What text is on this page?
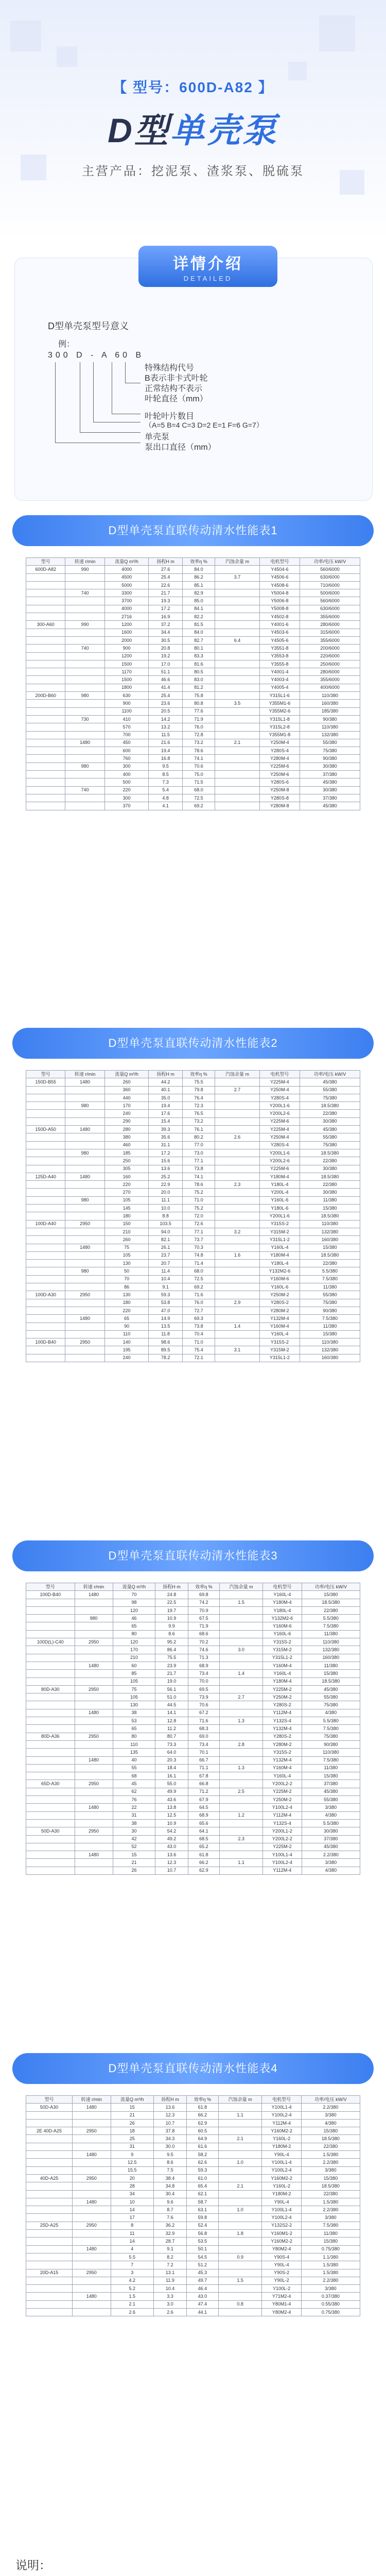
【 型号：600D-A82 】
D型单壳泵
主营产品：挖泥泵、渣浆泵、脱硫泵
详情介绍
DETAILED
D型单壳泵型号意义
例：
300 D - A 60 B
特殊结构代号
B表示非卡式叶轮
正常结构不表示
叶轮直径（mm）
叶轮叶片数目
（A=5 B=4 C=3 D=2 E=1 F=6 G=7）
单壳泵
泵出口直径（mm）
D型单壳泵直联传动清水性能表1
型号	转速 r/min	流量Q m³/h	扬程H m	效率η %	汽蚀余量 m	电机型号	功率/电压 kW/V
600D-A82	990	4000	27.6	84.0		Y4504-6	560/6000
		4500	25.4	86.2	3.7	Y4506-6	630/6000
		5000	22.6	85.1		Y4508-6	710/6000
	740	3300	21.7	82.9		Y5004-8	500/6000
		3700	19.3	85.0		Y5006-8	560/6000
		4000	17.2	84.1		Y5008-8	630/6000
		2716	16.9	82.2		Y4502-8	355/6000
300-A60	990	1200	37.2	81.5		Y4001-6	280/6000
		1600	34.4	84.0		Y4503-6	315/6000
		2000	30.5	82.7	6.4	Y4505-6	355/6000
	740	900	20.8	80.1		Y3551-8	200/6000
		1200	19.2	83.3		Y3553-8	220/6000
		1500	17.0	81.6		Y3555-8	250/6000
		1170	51.1	80.5		Y4001-4	280/6000
		1500	46.6	83.0		Y4003-4	355/6000
		1800	41.4	81.2		Y4005-4	400/6000
200D-B60	980	630	25.4	75.8		Y315L1-6	110/380
		900	23.6	80.8	3.5	Y355M1-6	160/380
		1100	20.5	77.6		Y355M2-6	185/380
	730	410	14.2	71.9		Y315L1-8	90/380
		570	13.2	76.0		Y315L2-8	110/380
		700	11.5	72.8		Y355M1-8	132/380
	1480	450	21.6	73.2	2.1	Y250M-4	55/380
		600	19.4	78.6		Y280S-4	75/380
		760	16.8	74.1		Y280M-4	90/380
	980	300	9.5	70.6		Y225M-6	30/380
		400	8.5	75.0		Y250M-6	37/380
		500	7.3	71.5		Y280S-6	45/380
	740	220	5.4	68.0		Y250M-8	30/380
		300	4.8	72.5		Y280S-8	37/380
		370	4.1	69.2		Y280M-8	45/380
D型单壳泵直联传动清水性能表2
型号	转速 r/min	流量Q m³/h	扬程H m	效率η %	汽蚀余量 m	电机型号	功率/电压 kW/V
150D-B55	1480	260	44.2	75.5		Y225M-4	45/380
		360	40.1	79.8	2.7	Y250M-4	55/380
		440	35.0	76.4		Y280S-4	75/380
	980	170	19.4	72.3		Y200L1-6	18.5/380
		240	17.6	76.5		Y200L2-6	22/380
		290	15.4	73.2		Y225M-6	30/380
150D-A50	1480	280	39.3	76.1		Y225M-4	45/380
		380	35.6	80.2	2.6	Y250M-4	55/380
		460	31.1	77.0		Y280S-4	75/380
	980	185	17.2	73.0		Y200L1-6	18.5/380
		250	15.6	77.1		Y200L2-6	22/380
		305	13.6	73.8		Y225M-6	30/380
125D-A40	1480	160	25.2	74.1		Y180M-4	18.5/380
		220	22.9	78.6	2.3	Y180L-4	22/380
		270	20.0	75.2		Y200L-4	30/380
	980	105	11.1	71.0		Y160L-6	11/380
		145	10.0	75.2		Y180L-6	15/380
		180	8.8	72.0		Y200L1-6	18.5/380
100D-A40	2950	150	103.5	72.6		Y315S-2	110/380
		210	94.0	77.1	3.2	Y315M-2	132/380
		260	82.1	73.7		Y315L1-2	160/380
	1480	75	26.1	70.3		Y160L-4	15/380
		105	23.7	74.8	1.6	Y180M-4	18.5/380
		130	20.7	71.4		Y180L-4	22/380
	980	50	11.4	68.0		Y132M2-6	5.5/380
		70	10.4	72.5		Y160M-6	7.5/380
		86	9.1	69.2		Y160L-6	11/380
100D-A30	2950	130	59.3	71.6		Y250M-2	55/380
		180	53.8	76.0	2.9	Y280S-2	75/380
		220	47.0	72.7		Y280M-2	90/380
	1480	65	14.9	69.3		Y132M-4	7.5/380
		90	13.5	73.8	1.4	Y160M-4	11/380
		110	11.8	70.4		Y160L-4	15/380
100D-B40	2950	140	98.6	71.0		Y315S-2	110/380
		195	89.5	75.4	3.1	Y315M-2	132/380
		240	78.2	72.1		Y315L1-2	160/380
D型单壳泵直联传动清水性能表3
型号	转速 r/min	流量Q m³/h	扬程H m	效率η %	汽蚀余量 m	电机型号	功率/电压 kW/V
100D-B40	1480	70	24.8	69.8		Y160L-4	15/380
		98	22.5	74.2	1.5	Y180M-4	18.5/380
		120	19.7	70.9		Y180L-4	22/380
	980	46	10.9	67.5		Y132M2-6	5.5/380
		65	9.9	71.9		Y160M-6	7.5/380
		80	8.6	68.6		Y160L-6	11/380
100D(L)-C40	2950	120	95.2	70.2		Y315S-2	110/380
		170	86.4	74.6	3.0	Y315M-2	132/380
		210	75.5	71.3		Y315L1-2	160/380
	1480	60	23.9	68.9		Y160M-4	11/380
		85	21.7	73.4	1.4	Y160L-4	15/380
		105	19.0	70.0		Y180M-4	18.5/380
80D-A30	2950	75	56.1	69.5		Y225M-2	45/380
		105	51.0	73.9	2.7	Y250M-2	55/380
		130	44.5	70.6		Y280S-2	75/380
	1480	38	14.1	67.2		Y112M-4	4/380
		53	12.8	71.6	1.3	Y132S-4	5.5/380
		65	11.2	68.3		Y132M-4	7.5/380
80D-A36	2950	80	80.7	69.0		Y280S-2	75/380
		110	73.3	73.4	2.8	Y280M-2	90/380
		135	64.0	70.1		Y315S-2	110/380
	1480	40	20.3	66.7		Y132M-4	7.5/380
		55	18.4	71.1	1.3	Y160M-4	11/380
		68	16.1	67.8		Y160L-4	15/380
65D-A30	2950	45	55.0	66.8		Y200L2-2	37/380
		62	49.9	71.2	2.5	Y225M-2	45/380
		76	43.6	67.9		Y250M-2	55/380
	1480	22	13.8	64.5		Y100L2-4	3/380
		31	12.5	68.9	1.2	Y112M-4	4/380
		38	10.9	65.6		Y132S-4	5.5/380
50D-A30	2950	30	54.2	64.1		Y200L1-2	30/380
		42	49.2	68.5	2.3	Y200L2-2	37/380
		52	43.0	65.2		Y225M-2	45/380
	1480	15	13.6	61.8		Y100L1-4	2.2/380
		21	12.3	66.2	1.1	Y100L2-4	3/380
		26	10.7	62.9		Y112M-4	4/380
D型单壳泵直联传动清水性能表4
型号	转速 r/min	流量Q m³/h	扬程H m	效率η %	汽蚀余量 m	电机型号	功率/电压 kW/V
50D-A30	1480	15	13.6	61.8		Y100L1-4	2.2/380
		21	12.3	66.2	1.1	Y100L2-4	3/380
		26	10.7	62.9		Y112M-4	4/380
2E 40D-A25	2950	18	37.8	60.5		Y160M2-2	15/380
		25	34.3	64.9	2.1	Y160L-2	18.5/380
		31	30.0	61.6		Y180M-2	22/380
	1480	9	9.5	58.2		Y90L-4	1.5/380
		12.5	8.6	62.6	1.0	Y100L1-4	2.2/380
		15.5	7.5	59.3		Y100L2-4	3/380
40D-A25	2950	20	38.4	61.0		Y160M2-2	15/380
		28	34.8	65.4	2.1	Y160L-2	18.5/380
		34	30.4	62.1		Y180M-2	22/380
	1480	10	9.6	58.7		Y90L-4	1.5/380
		14	8.7	63.1	1.0	Y100L1-4	2.2/380
		17	7.6	59.8		Y100L2-4	3/380
25D-A25	2950	8	36.2	52.4		Y132S2-2	7.5/380
		11	32.9	56.8	1.8	Y160M1-2	11/380
		14	28.7	53.5		Y160M2-2	15/380
	1480	4	9.1	50.1		Y80M2-4	0.75/380
		5.5	8.2	54.5	0.9	Y90S-4	1.1/380
		7	7.2	51.2		Y90L-4	1.5/380
20D-A15	2950	3	13.1	45.3		Y90S-2	1.5/380
		4.2	11.9	49.7	1.5	Y90L-2	2.2/380
		5.2	10.4	46.4		Y100L-2	3/380
	1480	1.5	3.3	43.0		Y71M2-4	0.37/380
		2.1	3.0	47.4	0.8	Y80M1-4	0.55/380
		2.6	2.6	44.1		Y80M2-4	0.75/380
说明：
